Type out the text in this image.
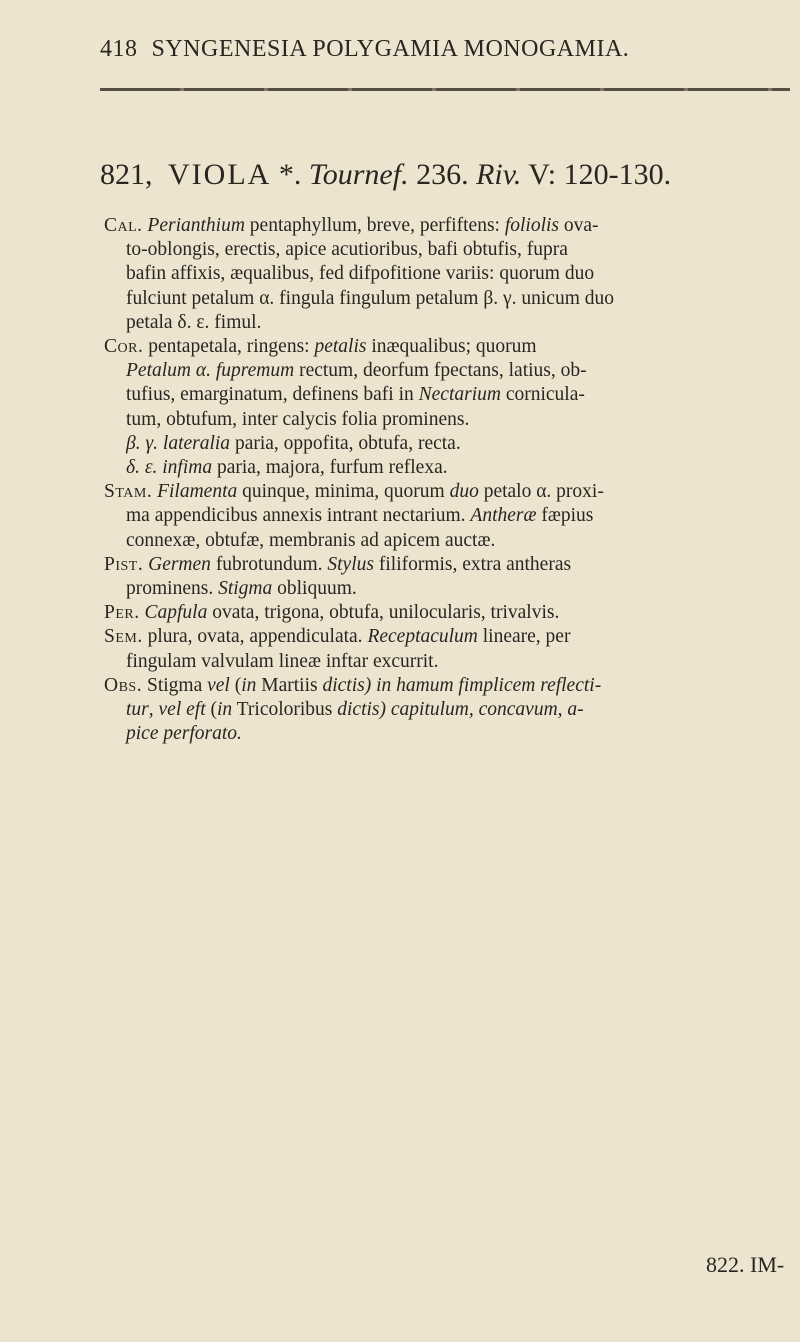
418 SYNGENESIA POLYGAMIA MONOGAMIA.
821, VIOLA *. Tournef. 236. Riv. V: 120-130.

Cal. Perianthium pentaphyllum, breve, perfiftens: foliolis ova-

to-oblongis, erectis, apice acutioribus, bafi obtufis, fupra

bafin affixis, æqualibus, fed difpofitione variis: quorum duo

fulciunt petalum α. fingula fingulum petalum β. γ. unicum duo

petala δ. ε. fimul.

Cor. pentapetala, ringens: petalis inæqualibus; quorum

Petalum α. fupremum rectum, deorfum fpectans, latius, ob-

tufius, emarginatum, definens bafi in Nectarium cornicula-

tum, obtufum, inter calycis folia prominens.

β. γ. lateralia paria, oppofita, obtufa, recta.

δ. ε. infima paria, majora, furfum reflexa.

Stam. Filamenta quinque, minima, quorum duo petalo α. proxi-

ma appendicibus annexis intrant nectarium. Antheræ fæpius

connexæ, obtufæ, membranis ad apicem auctæ.

Pist. Germen fubrotundum. Stylus filiformis, extra antheras

prominens. Stigma obliquum.

Per. Capfula ovata, trigona, obtufa, unilocularis, trivalvis.

Sem. plura, ovata, appendiculata. Receptaculum lineare, per

fingulam valvulam lineæ inftar excurrit.

Obs. Stigma vel (in Martiis dictis) in hamum fimplicem reflecti-

tur, vel eft (in Tricoloribus dictis) capitulum, concavum, a-

pice perforato.

822. IM-
